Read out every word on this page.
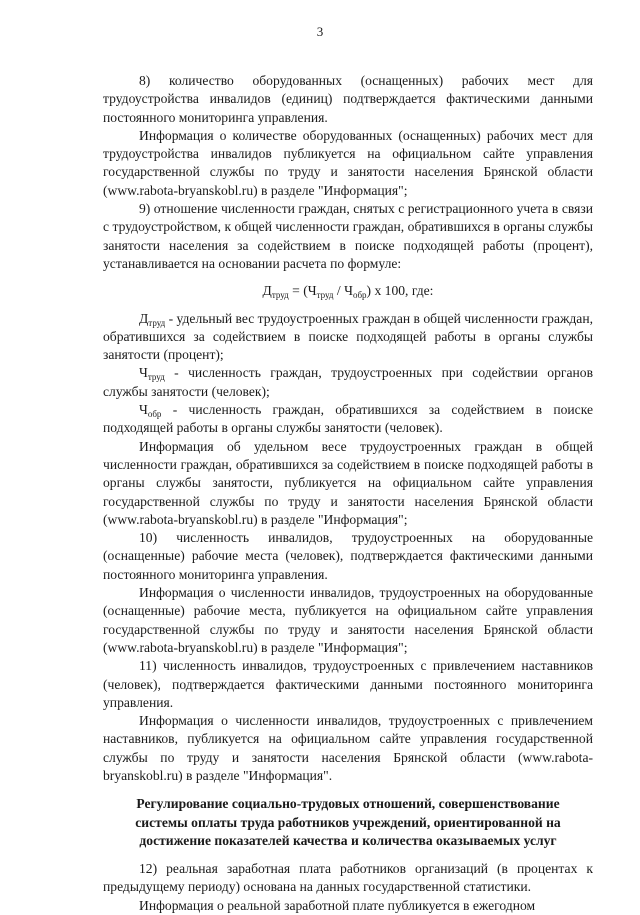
3

8) количество оборудованных (оснащенных) рабочих мест для трудоустройства инвалидов (единиц) подтверждается фактическими данными постоянного мониторинга управления.

Информация о количестве оборудованных (оснащенных) рабочих мест для трудоустройства инвалидов публикуется на официальном сайте управления государственной службы по труду и занятости населения Брянской области (www.rabota-bryanskobl.ru) в разделе "Информация";

9) отношение численности граждан, снятых с регистрационного учета в связи с трудоустройством, к общей численности граждан, обратившихся в органы службы занятости населения за содействием в поиске подходящей работы (процент), устанавливается на основании расчета по формуле:

$Д_{труд} = (Ч_{труд} / Ч_{обр})$ х 100, где:

$Д_{труд}$ - удельный вес трудоустроенных граждан в общей численности граждан, обратившихся за содействием в поиске подходящей работы в органы службы занятости (процент);

$Ч_{труд}$ - численность граждан, трудоустроенных при содействии органов службы занятости (человек);

$Ч_{обр}$ - численность граждан, обратившихся за содействием в поиске подходящей работы в органы службы занятости (человек).

Информация об удельном весе трудоустроенных граждан в общей численности граждан, обратившихся за содействием в поиске подходящей работы в органы службы занятости, публикуется на официальном сайте управления государственной службы по труду и занятости населения Брянской области (www.rabota-bryanskobl.ru) в разделе "Информация";

10) численность инвалидов, трудоустроенных на оборудованные (оснащенные) рабочие места (человек), подтверждается фактическими данными постоянного мониторинга управления.

Информация о численности инвалидов, трудоустроенных на оборудованные (оснащенные) рабочие места, публикуется на официальном сайте управления государственной службы по труду и занятости населения Брянской области (www.rabota-bryanskobl.ru) в разделе "Информация";

11) численность инвалидов, трудоустроенных с привлечением наставников (человек), подтверждается фактическими данными постоянного мониторинга управления.

Информация о численности инвалидов, трудоустроенных с привлечением наставников, публикуется на официальном сайте управления государственной службы по труду и занятости населения Брянской области (www.rabota-bryanskobl.ru) в разделе "Информация".

Регулирование социально-трудовых отношений, совершенствование
системы оплаты труда работников учреждений, ориентированной на
достижение показателей качества и количества оказываемых услуг

12) реальная заработная плата работников организаций (в процентах к предыдущему периоду) основана на данных государственной статистики.

Информация о реальной заработной плате публикуется в ежегодном
